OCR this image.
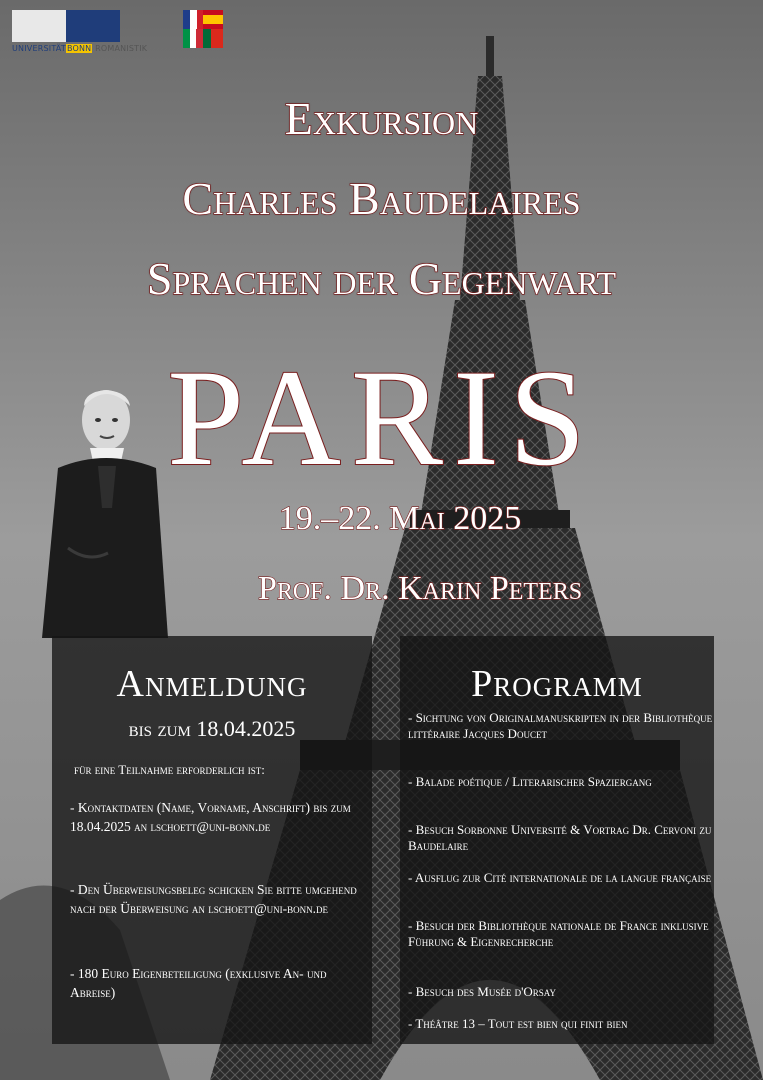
UNIVERSITÄTBONN ROMANISTIK
Exkursion
Charles Baudelaires
Sprachen der Gegenwart
PARIS
19.–22. Mai 2025
Prof. Dr. Karin Peters
Anmeldung
bis zum 18.04.2025
für eine Teilnahme erforderlich ist:
- Kontaktdaten (Name, Vorname, Anschrift) bis zum 18.04.2025 an lschoett@uni-bonn.de
- Den Überweisungsbeleg schicken Sie bitte umgehend nach der Überweisung an lschoett@uni-bonn.de
- 180 Euro Eigenbeteiligung (exklusive An- und Abreise)
Programm
- Sichtung von Originalmanuskripten in der Bibliothèque littéraire Jacques Doucet
- Balade poétique / Literarischer Spaziergang
- Besuch Sorbonne Université & Vortrag Dr. Cervoni zu Baudelaire
- Ausflug zur Cité internationale de la langue française
- Besuch der Bibliothèque nationale de France inklusive Führung & Eigenrecherche
- Besuch des Musée d'Orsay
- Théâtre 13 – Tout est bien qui finit bien
